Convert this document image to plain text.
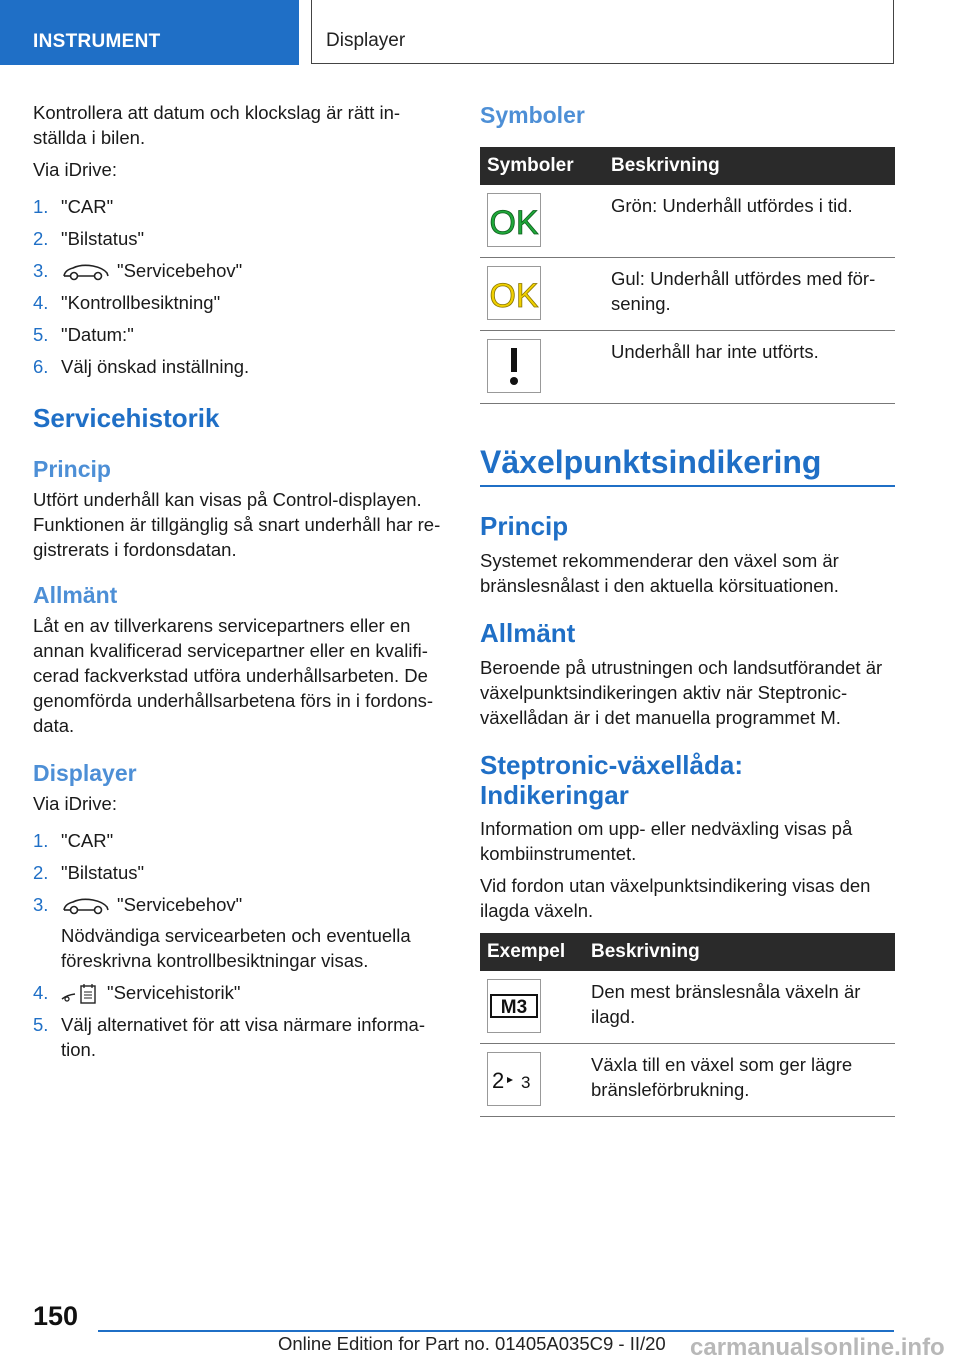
INSTRUMENT	Displayer

Kontrollera att datum och klockslag är rätt in-ställda i bilen.

Via iDrive:

1. "CAR"
2. "Bilstatus"
3.	"Servicebehov"
4. "Kontrollbesiktning"
5. "Datum:"
6. Välj önskad inställning.
Servicehistorik
Princip

Utfört underhåll kan visas på Control-displayen. Funktionen är tillgänglig så snart underhåll har re-gistrerats i fordonsdatan.

Allmänt

Låt en av tillverkarens servicepartners eller en annan kvalificerad servicepartner eller en kvalifi-cerad fackverkstad utföra underhållsarbeten. De genomförda underhållsarbetena förs in i fordons-data.

Displayer

Via iDrive:

1. "CAR"
2. "Bilstatus"
3.	"Servicebehov"
Nödvändiga servicearbeten och eventuella föreskrivna kontrollbesiktningar visas.
4.	"Servicehistorik"
5. Välj alternativet för att visa närmare informa-tion.
Symboler
Symboler	Beskrivning

OK	Grön: Underhåll utfördes i tid.

OK	Gul: Underhåll utfördes med för-sening.

	Underhåll har inte utförts.
Växelpunktsindikering
Princip

Systemet rekommenderar den växel som är bränslesnålast i den aktuella körsituationen.

Allmänt

Beroende på utrustningen och landsutförandet är växelpunktsindikeringen aktiv när Steptronic-växellådan är i det manuella programmet M.

Steptronic-växellåda: Indikeringar

Information om upp- eller nedväxling visas på kombiinstrumentet.

Vid fordon utan växelpunktsindikering visas den ilagda växeln.

Exempel	Beskrivning

M3	Den mest bränslesnåla växeln är ilagd.

2 3	Växla till en växel som ger lägre bränsleförbrukning.
150
Online Edition for Part no. 01405A035C9 - II/20 carmanualsonline.info
